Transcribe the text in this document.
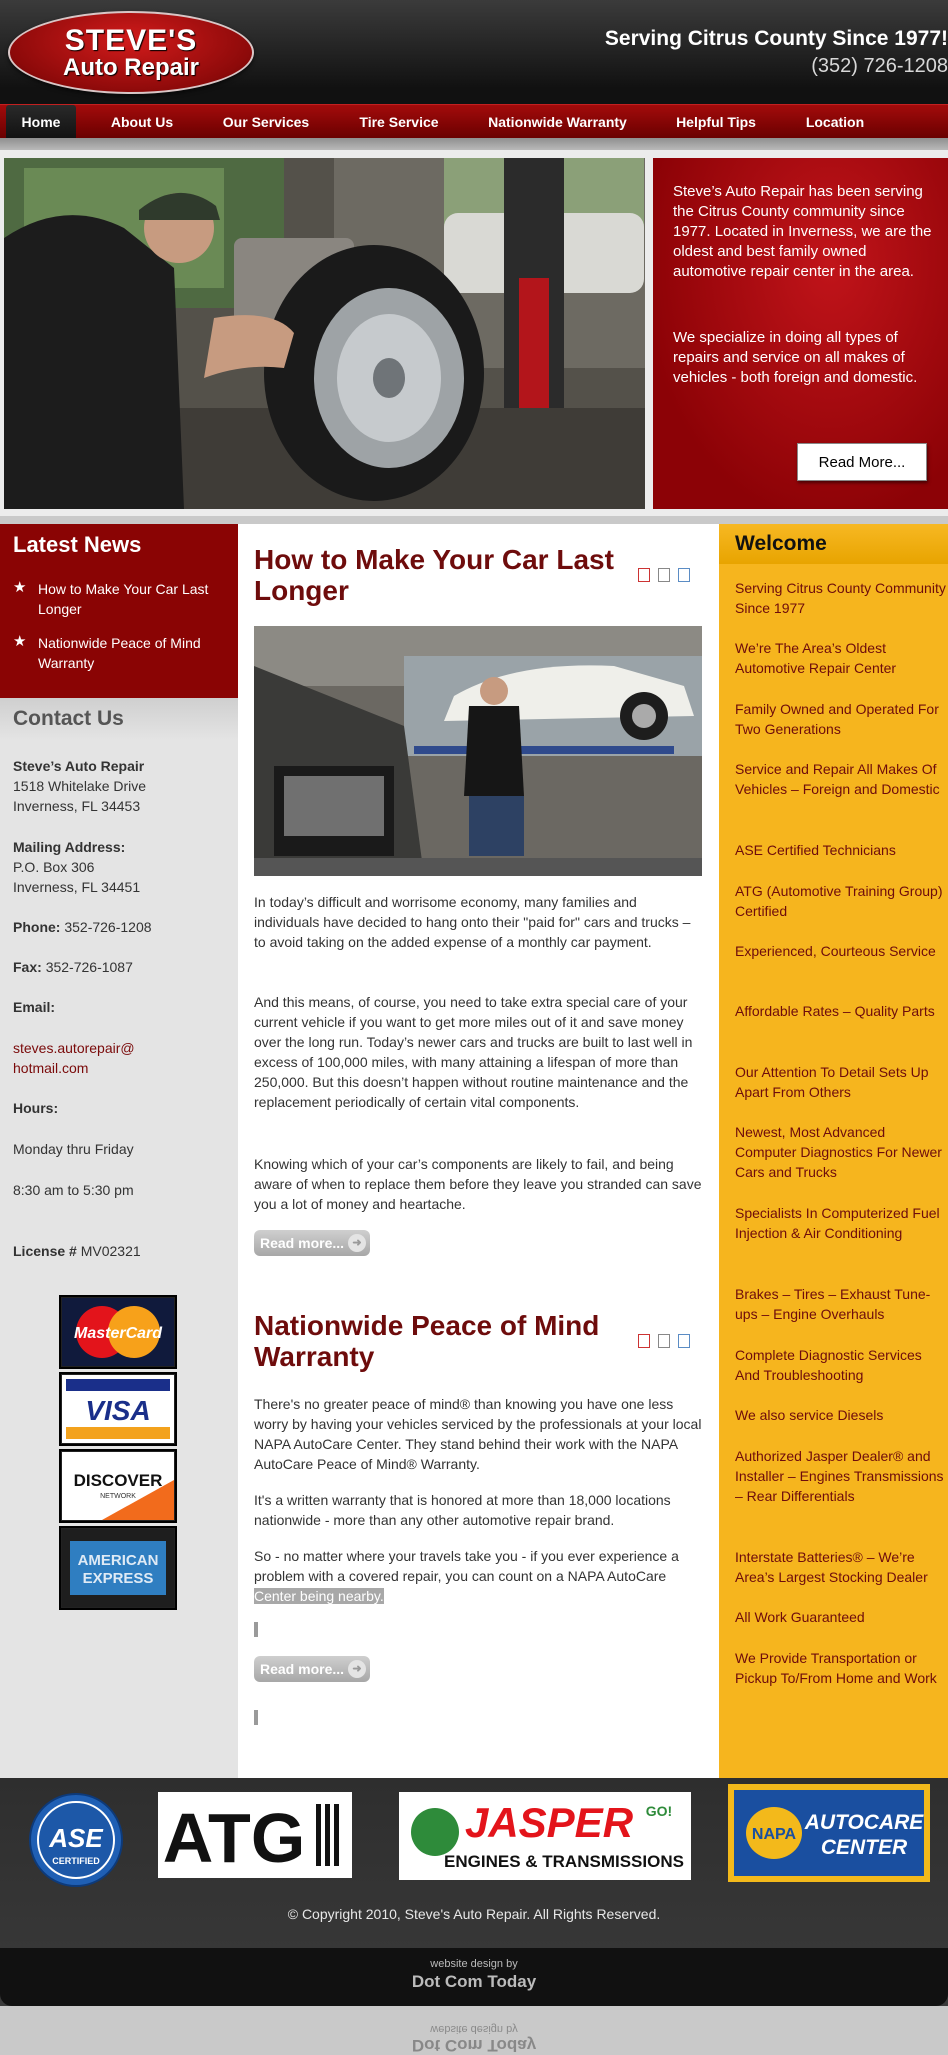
STEVE'S
Auto Repair
Serving Citrus County Since 1977!
(352) 726-1208
Home	About Us	Our Services	Tire Service	Nationwide Warranty	Helpful Tips	Location
Steve’s Auto Repair has been serving the Citrus County community since 1977. Located in Inverness, we are the oldest and best family owned automotive repair center in the area.
We specialize in doing all types of repairs and service on all makes of vehicles - both foreign and domestic.
Read More...
Latest News
★ How to Make Your Car Last Longer
★ Nationwide Peace of Mind Warranty
Contact Us
Steve’s Auto Repair
1518 Whitelake Drive
Inverness, FL 34453
Mailing Address:
P.O. Box 306
Inverness, FL 34451
Phone: 352-726-1208
Fax: 352-726-1087
Email:
steves.autorepair@
hotmail.com
Hours:
Monday thru Friday
8:30 am to 5:30 pm
License # MV02321
MasterCard
VISA
DISCOVER
NETWORK
AMERICAN
EXPRESS
How to Make Your Car Last Longer
In today’s difficult and worrisome economy, many families and individuals have decided to hang onto their "paid for" cars and trucks – to avoid taking on the added expense of a monthly car payment.
And this means, of course, you need to take extra special care of your current vehicle if you want to get more miles out of it and save money over the long run. Today’s newer cars and trucks are built to last well in excess of 100,000 miles, with many attaining a lifespan of more than 250,000. But this doesn’t happen without routine maintenance and the replacement periodically of certain vital components.
Knowing which of your car’s components are likely to fail, and being aware of when to replace them before they leave you stranded can save you a lot of money and heartache.
Read more... ➜
Nationwide Peace of Mind Warranty
There's no greater peace of mind® than knowing you have one less worry by having your vehicles serviced by the professionals at your local NAPA AutoCare Center. They stand behind their work with the NAPA AutoCare Peace of Mind® Warranty.
It's a written warranty that is honored at more than 18,000 locations nationwide - more than any other automotive repair brand.
So - no matter where your travels take you - if you ever experience a problem with a covered repair, you can count on a NAPA AutoCare Center being nearby.
Read more... ➜
Welcome
Serving Citrus County Community Since 1977
We’re The Area’s Oldest Automotive Repair Center
Family Owned and Operated For Two Generations
Service and Repair All Makes Of Vehicles – Foreign and Domestic
ASE Certified Technicians
ATG (Automotive Training Group) Certified
Experienced, Courteous Service
Affordable Rates – Quality Parts
Our Attention To Detail Sets Up Apart From Others
Newest, Most Advanced Computer Diagnostics For Newer Cars and Trucks
Specialists In Computerized Fuel Injection & Air Conditioning
Brakes – Tires – Exhaust Tune-ups – Engine Overhauls
Complete Diagnostic Services And Troubleshooting
We also service Diesels
Authorized Jasper Dealer® and Installer – Engines Transmissions – Rear Differentials
Interstate Batteries® – We’re Area’s Largest Stocking Dealer
All Work Guaranteed
We Provide Transportation or Pickup To/From Home and Work
ASE
CERTIFIED ATG	JASPER GO!
ENGINES & TRANSMISSIONS
NAPA
AUTOCARE
CENTER
© Copyright 2010, Steve's Auto Repair. All Rights Reserved.
website design by
Dot Com Today
Dot Com Today
website design by
